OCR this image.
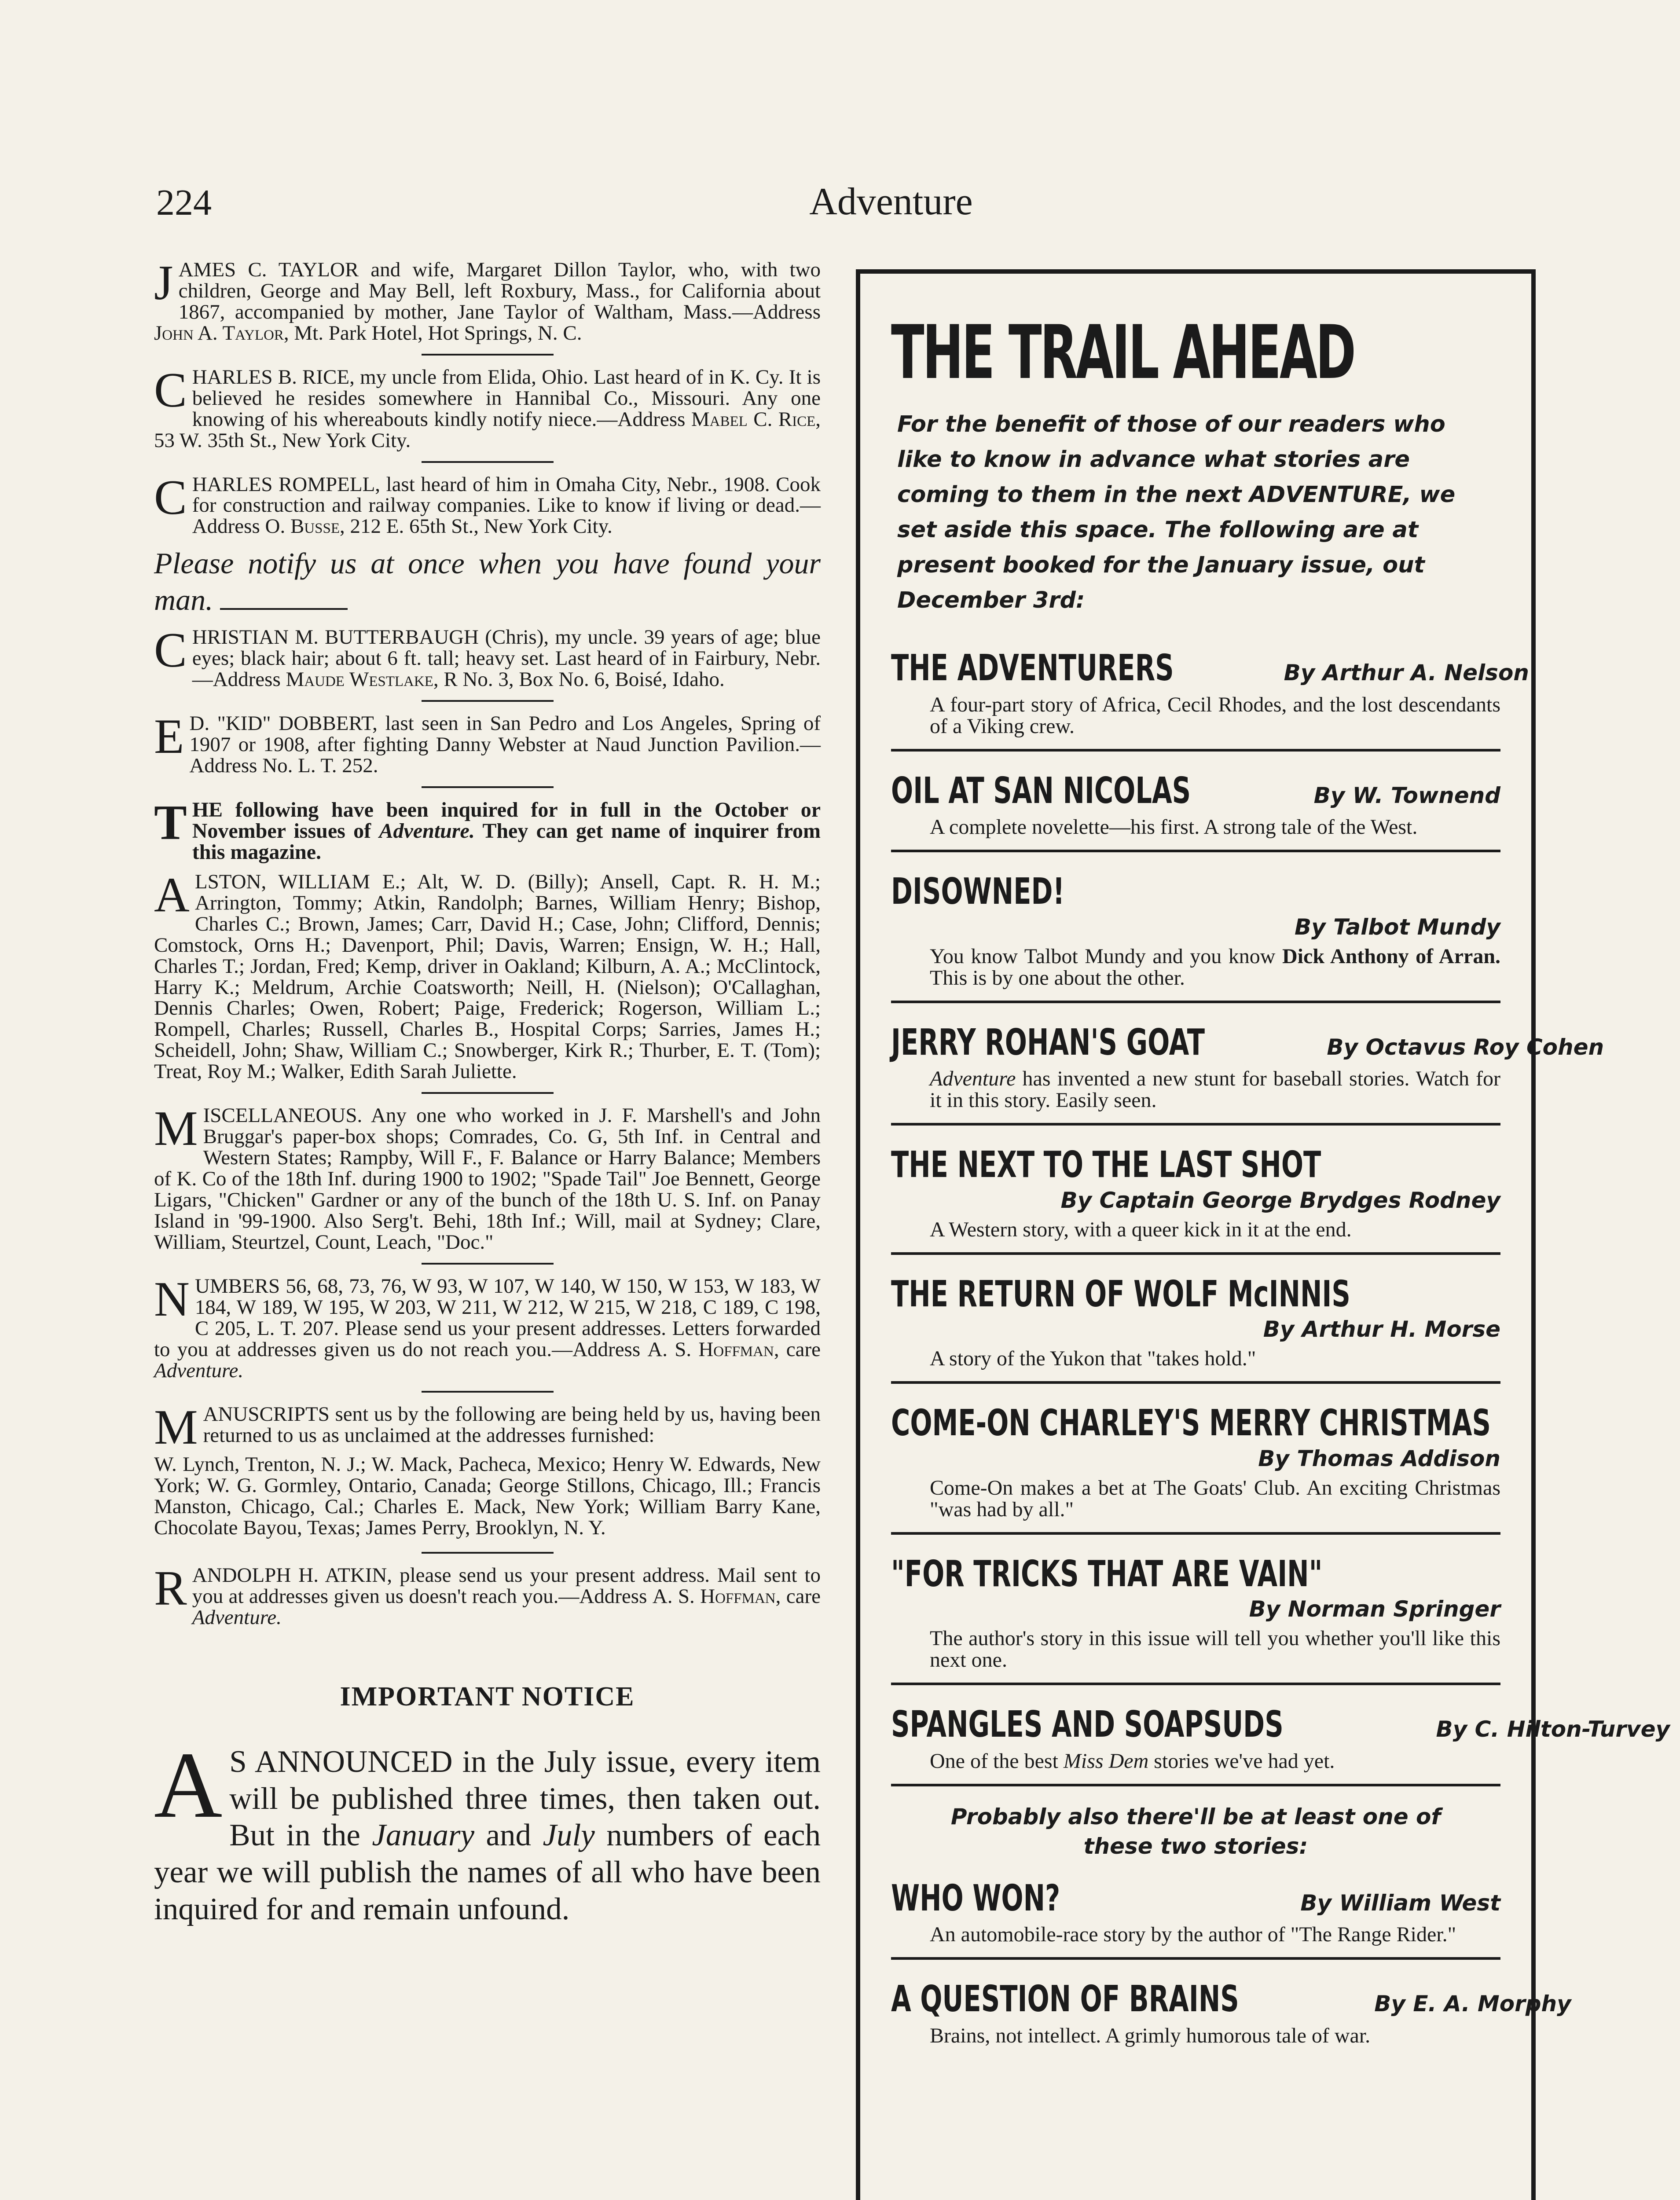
224	Adventure

JAMES C. TAYLOR and wife, Margaret Dillon Taylor, who, with two children, George and May Bell, left Roxbury, Mass., for California about 1867, accompanied by mother, Jane Taylor of Waltham, Mass.—Address John A. Taylor, Mt. Park Hotel, Hot Springs, N. C.

CHARLES B. RICE, my uncle from Elida, Ohio. Last heard of in K. Cy. It is believed he resides somewhere in Hannibal Co., Missouri. Any one knowing of his whereabouts kindly notify niece.—Address Mabel C. Rice, 53 W. 35th St., New York City.

CHARLES ROMPELL, last heard of him in Omaha City, Nebr., 1908. Cook for construction and railway companies. Like to know if living or dead.—Address O. Busse, 212 E. 65th St., New York City.

Please notify us at once when you have found your man.

CHRISTIAN M. BUTTERBAUGH (Chris), my uncle. 39 years of age; blue eyes; black hair; about 6 ft. tall; heavy set. Last heard of in Fairbury, Nebr.—Address Maude Westlake, R No. 3, Box No. 6, Boisé, Idaho.

E D. "KID" DOBBERT, last seen in San Pedro and Los Angeles, Spring of 1907 or 1908, after fighting Danny Webster at Naud Junction Pavilion.—Address No. L. T. 252.

THE following have been inquired for in full in the October or November issues of Adventure. They can get name of inquirer from this magazine.

ALSTON, WILLIAM E.; Alt, W. D. (Billy); Ansell, Capt. R. H. M.; Arrington, Tommy; Atkin, Randolph; Barnes, William Henry; Bishop, Charles C.; Brown, James; Carr, David H.; Case, John; Clifford, Dennis; Comstock, Orns H.; Davenport, Phil; Davis, Warren; Ensign, W. H.; Hall, Charles T.; Jordan, Fred; Kemp, driver in Oakland; Kilburn, A. A.; McClintock, Harry K.; Meldrum, Archie Coatsworth; Neill, H. (Nielson); O'Callaghan, Dennis Charles; Owen, Robert; Paige, Frederick; Rogerson, William L.; Rompell, Charles; Russell, Charles B., Hospital Corps; Sarries, James H.; Scheidell, John; Shaw, William C.; Snowberger, Kirk R.; Thurber, E. T. (Tom); Treat, Roy M.; Walker, Edith Sarah Juliette.

MISCELLANEOUS. Any one who worked in J. F. Marshell's and John Bruggar's paper-box shops; Comrades, Co. G, 5th Inf. in Central and Western States; Rampby, Will F., F. Balance or Harry Balance; Members of K. Co of the 18th Inf. during 1900 to 1902; "Spade Tail" Joe Bennett, George Ligars, "Chicken" Gardner or any of the bunch of the 18th U. S. Inf. on Panay Island in '99-1900. Also Serg't. Behi, 18th Inf.; Will, mail at Sydney; Clare, William, Steurtzel, Count, Leach, "Doc."

NUMBERS 56, 68, 73, 76, W 93, W 107, W 140, W 150, W 153, W 183, W 184, W 189, W 195, W 203, W 211, W 212, W 215, W 218, C 189, C 198, C 205, L. T. 207. Please send us your present addresses. Letters forwarded to you at addresses given us do not reach you.—Address A. S. Hoffman, care Adventure.

MANUSCRIPTS sent us by the following are being held by us, having been returned to us as unclaimed at the addresses furnished:

W. Lynch, Trenton, N. J.; W. Mack, Pacheca, Mexico; Henry W. Edwards, New York; W. G. Gormley, Ontario, Canada; George Stillons, Chicago, Ill.; Francis Manston, Chicago, Cal.; Charles E. Mack, New York; William Barry Kane, Chocolate Bayou, Texas; James Perry, Brooklyn, N. Y.

RANDOLPH H. ATKIN, please send us your present address. Mail sent to you at addresses given us doesn't reach you.—Address A. S. Hoffman, care Adventure.

IMPORTANT NOTICE

A S ANNOUNCED in the July issue, every item will be published three times, then taken out. But in the January and July numbers of each year we will publish the names of all who have been inquired for and remain unfound.

THE TRAIL AHEAD
For the benefit of those of our readers who like to know in advance what stories are coming to them in the next ADVENTURE, we set aside this space. The following are at present booked for the January issue, out December 3rd:
THE ADVENTURERS	By Arthur A. Nelson
A four-part story of Africa, Cecil Rhodes, and the lost descendants of a Viking crew.
OIL AT SAN NICOLAS	By W. Townend
A complete novelette—his first. A strong tale of the West.
DISOWNED!
By Talbot Mundy
You know Talbot Mundy and you know Dick Anthony of Arran. This is by one about the other.
JERRY ROHAN'S GOAT	By Octavus Roy Cohen
Adventure has invented a new stunt for baseball stories. Watch for it in this story. Easily seen.
THE NEXT TO THE LAST SHOT
By Captain George Brydges Rodney
A Western story, with a queer kick in it at the end.
THE RETURN OF WOLF McINNIS
By Arthur H. Morse
A story of the Yukon that "takes hold."
COME-ON CHARLEY'S MERRY CHRISTMAS
By Thomas Addison
Come-On makes a bet at The Goats' Club. An exciting Christmas "was had by all."
"FOR TRICKS THAT ARE VAIN"
By Norman Springer
The author's story in this issue will tell you whether you'll like this next one.
SPANGLES AND SOAPSUDS	By C. Hilton-Turvey
One of the best Miss Dem stories we've had yet.
Probably also there'll be at least one of these two stories:
WHO WON?	By William West
An automobile-race story by the author of "The Range Rider."
A QUESTION OF BRAINS	By E. A. Morphy
Brains, not intellect. A grimly humorous tale of war.
